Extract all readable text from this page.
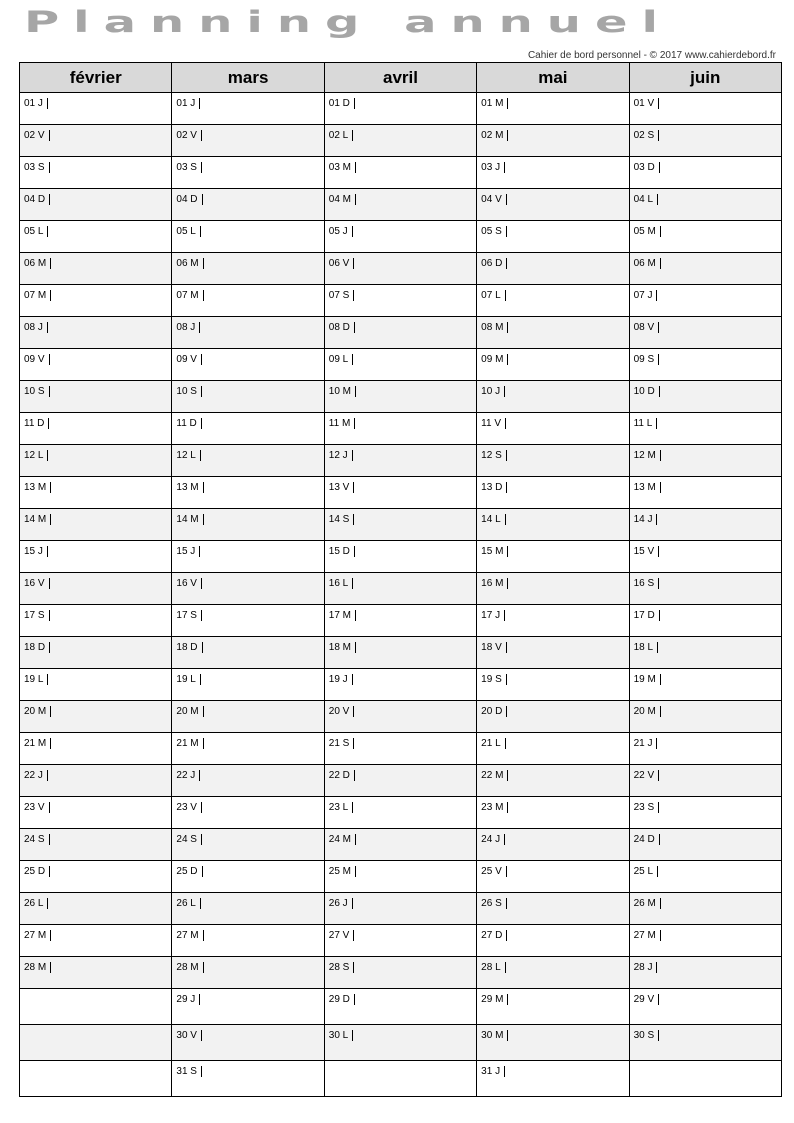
Planning annuel
Cahier de bord personnel - © 2017 www.cahierdebord.fr
février	mars	avril	mai	juin
01 J	01 J	01 D	01 M	01 V
02 V	02 V	02 L	02 M	02 S
03 S	03 S	03 M	03 J	03 D
04 D	04 D	04 M	04 V	04 L
05 L	05 L	05 J	05 S	05 M
06 M	06 M	06 V	06 D	06 M
07 M	07 M	07 S	07 L	07 J
08 J	08 J	08 D	08 M	08 V
09 V	09 V	09 L	09 M	09 S
10 S	10 S	10 M	10 J	10 D
11 D	11 D	11 M	11 V	11 L
12 L	12 L	12 J	12 S	12 M
13 M	13 M	13 V	13 D	13 M
14 M	14 M	14 S	14 L	14 J
15 J	15 J	15 D	15 M	15 V
16 V	16 V	16 L	16 M	16 S
17 S	17 S	17 M	17 J	17 D
18 D	18 D	18 M	18 V	18 L
19 L	19 L	19 J	19 S	19 M
20 M	20 M	20 V	20 D	20 M
21 M	21 M	21 S	21 L	21 J
22 J	22 J	22 D	22 M	22 V
23 V	23 V	23 L	23 M	23 S
24 S	24 S	24 M	24 J	24 D
25 D	25 D	25 M	25 V	25 L
26 L	26 L	26 J	26 S	26 M
27 M	27 M	27 V	27 D	27 M
28 M	28 M	28 S	28 L	28 J
	29 J	29 D	29 M	29 V
	30 V	30 L	30 M	30 S
	31 S		31 J	
